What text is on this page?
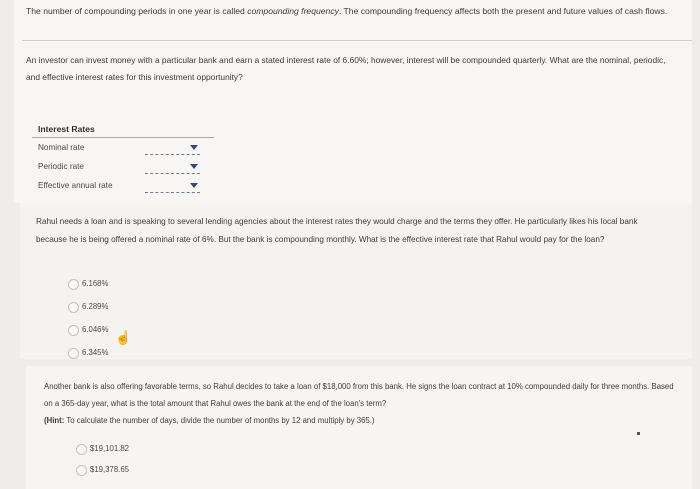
The number of compounding periods in one year is called compounding frequency. The compounding frequency affects both the present and future values of cash flows.
An investor can invest money with a particular bank and earn a stated interest rate of 6.60%; however, interest will be compounded quarterly. What are the nominal, periodic, and effective interest rates for this investment opportunity?
Interest Rates
Nominal rate
Periodic rate
Effective annual rate
Rahul needs a loan and is speaking to several lending agencies about the interest rates they would charge and the terms they offer. He particularly likes his local bank because he is being offered a nominal rate of 6%. But the bank is compounding monthly. What is the effective interest rate that Rahul would pay for the loan?
6.168%
6.289%
6.046%
6.345%
☝
Another bank is also offering favorable terms, so Rahul decides to take a loan of $18,000 from this bank. He signs the loan contract at 10% compounded daily for three months. Based on a 365-day year, what is the total amount that Rahul owes the bank at the end of the loan's term?
(Hint: To calculate the number of days, divide the number of months by 12 and multiply by 365.)
$19,101.82
$19,378.65
